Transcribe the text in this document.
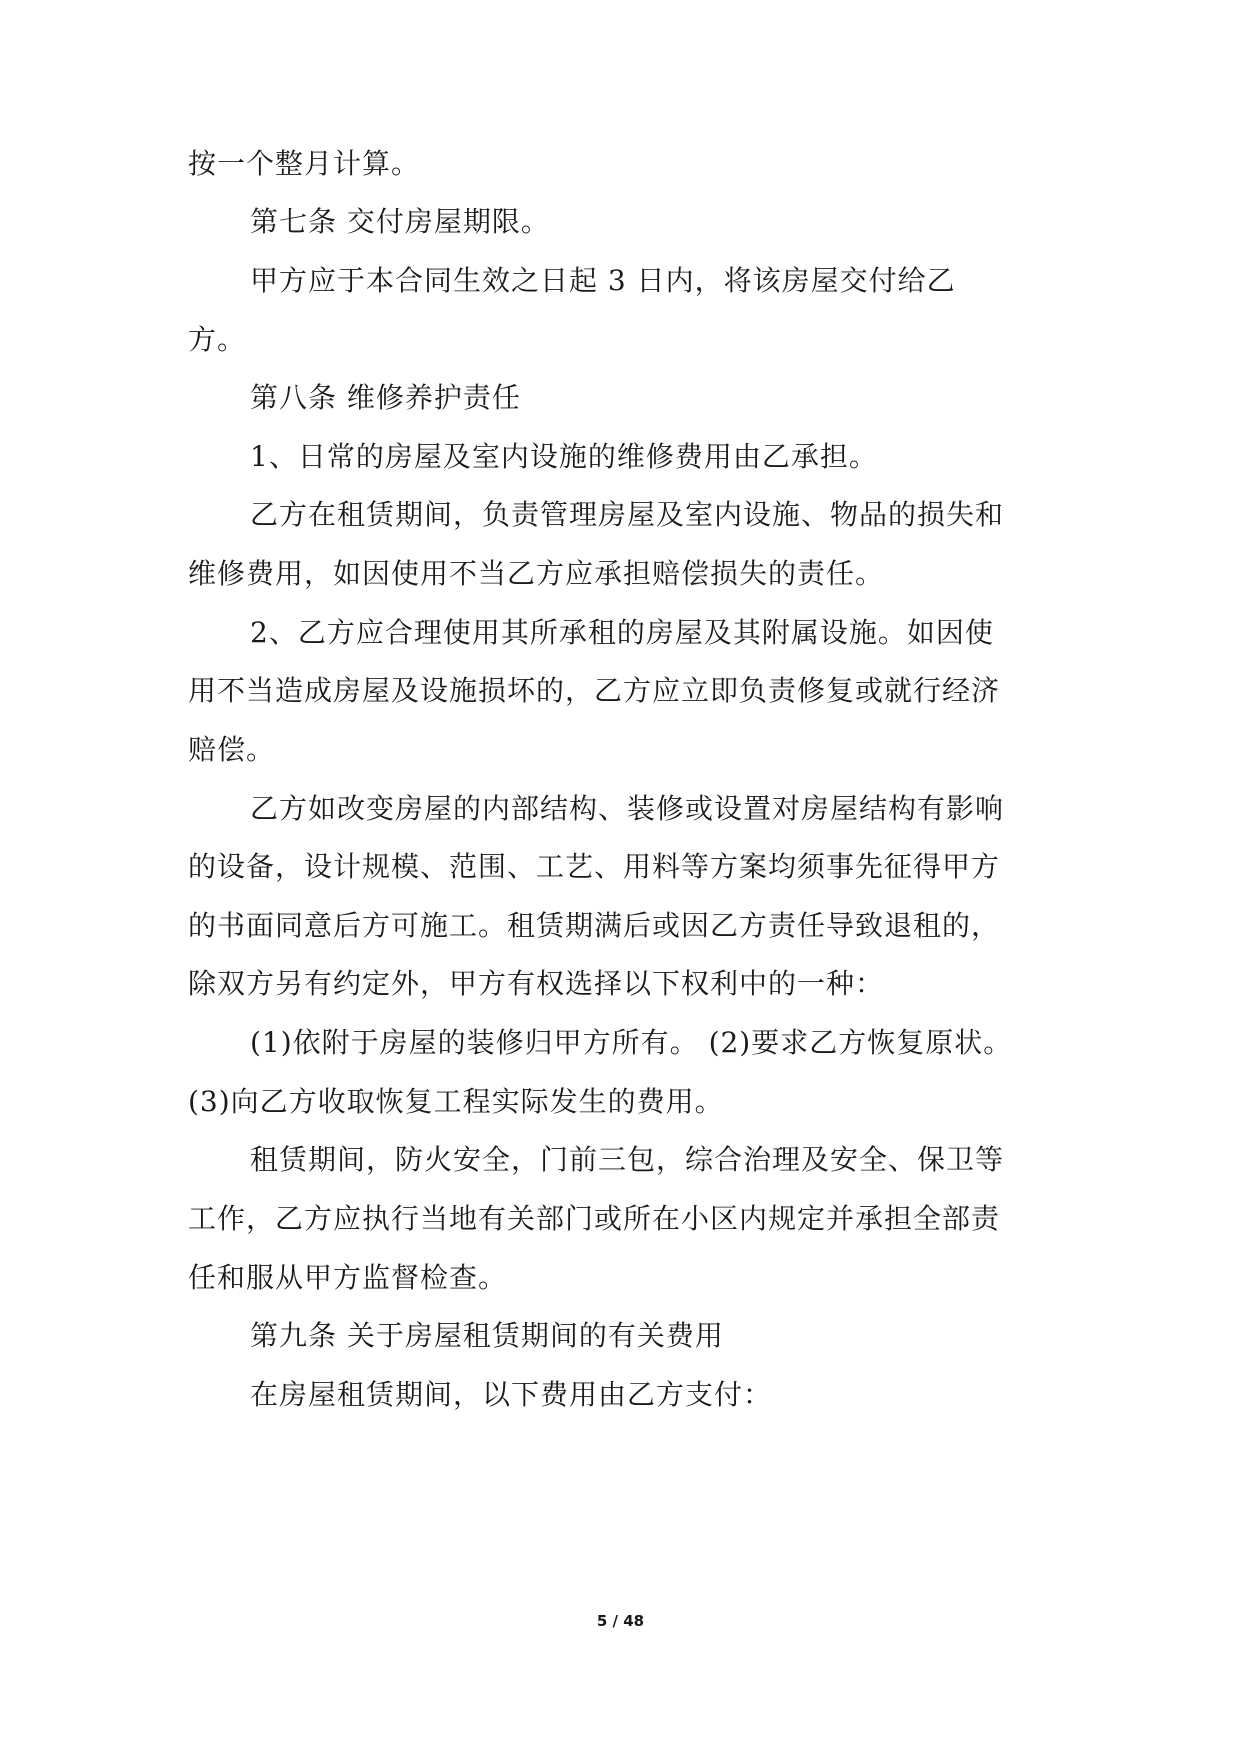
按一个整月计算。
第七条 交付房屋期限。
甲方应于本合同生效之日起 3 日内，将该房屋交付给乙
方。
第八条 维修养护责任
1、日常的房屋及室内设施的维修费用由乙承担。
乙方在租赁期间，负责管理房屋及室内设施、物品的损失和
维修费用，如因使用不当乙方应承担赔偿损失的责任。
2、乙方应合理使用其所承租的房屋及其附属设施。如因使
用不当造成房屋及设施损坏的，乙方应立即负责修复或就行经济
赔偿。
乙方如改变房屋的内部结构、装修或设置对房屋结构有影响
的设备，设计规模、范围、工艺、用料等方案均须事先征得甲方
的书面同意后方可施工。租赁期满后或因乙方责任导致退租的，
除双方另有约定外，甲方有权选择以下权利中的一种：
(1)依附于房屋的装修归甲方所有。 (2)要求乙方恢复原状。
(3)向乙方收取恢复工程实际发生的费用。
租赁期间，防火安全，门前三包，综合治理及安全、保卫等
工作，乙方应执行当地有关部门或所在小区内规定并承担全部责
任和服从甲方监督检查。
第九条 关于房屋租赁期间的有关费用
在房屋租赁期间，以下费用由乙方支付：
5 / 48
